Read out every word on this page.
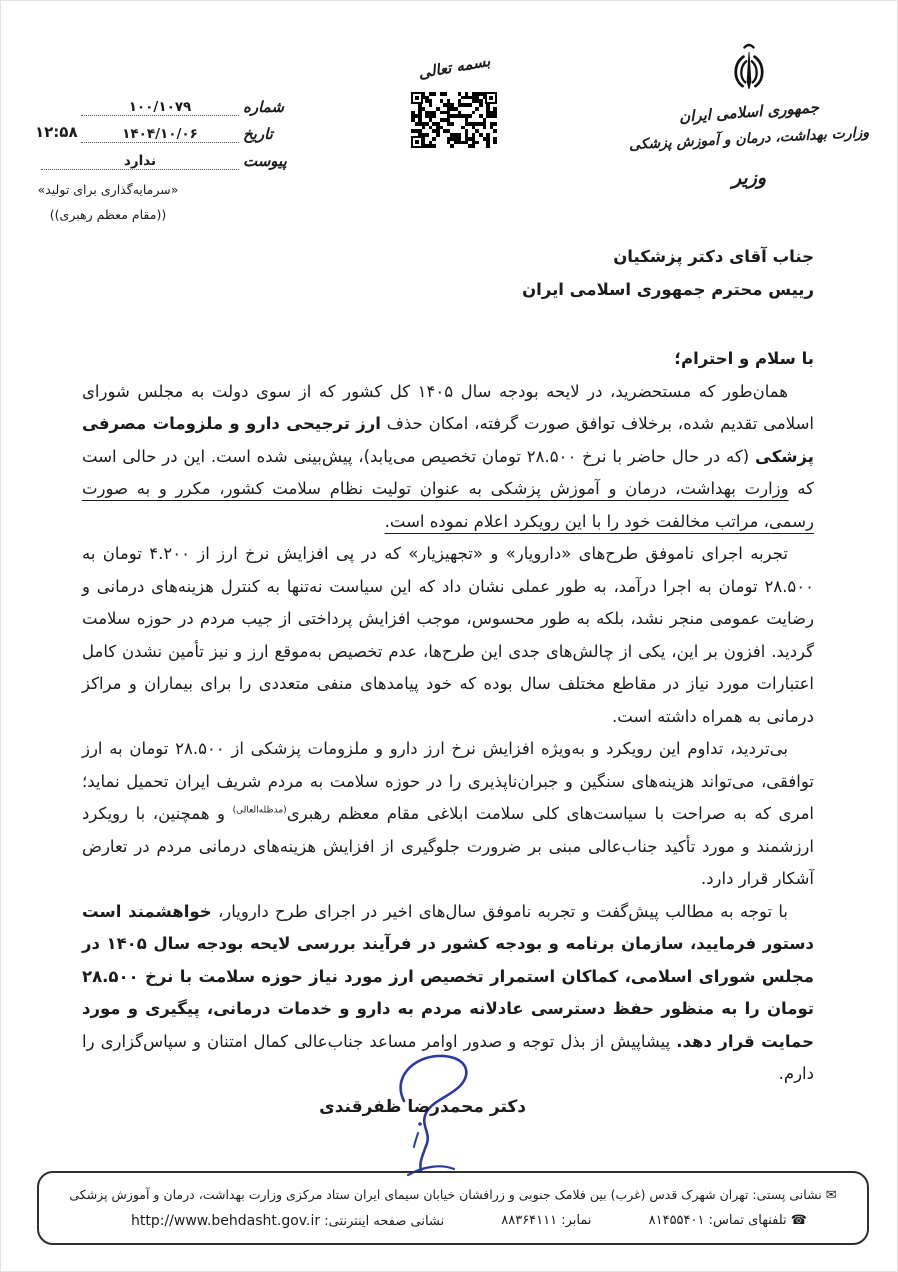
جمهوری اسلامی ایران
وزارت بهداشت، درمان و آموزش پزشکی
وزیر
بسمه تعالی
شماره
۱۰۰/۱۰۷۹
تاریخ
۱۴۰۴/۱۰/۰۶
پیوست
ندارد
۱۲:۵۸
«سرمایه‌گذاری برای تولید»
((مقام معظم رهبری))
جناب آقای دکتر پزشکیان
رییس محترم جمهوری اسلامی ایران
با سلام و احترام؛

همان‌طور که مستحضرید، در لایحه بودجه سال ۱۴۰۵ کل کشور که از سوی دولت به مجلس شورای اسلامی تقدیم شده، برخلاف توافق صورت گرفته، امکان حذف ارز ترجیحی دارو و ملزومات مصرفی پزشکی (که در حال حاضر با نرخ ۲۸.۵۰۰ تومان تخصیص می‌یابد)، پیش‌بینی شده است. این در حالی است که وزارت بهداشت، درمان و آموزش پزشکی به عنوان تولیت نظام سلامت کشور، مکرر و به صورت رسمی، مراتب مخالفت خود را با این رویکرد اعلام نموده است.

تجربه اجرای ناموفق طرح‌های «دارویار» و «تجهیزیار» که در پی افزایش نرخ ارز از ۴.۲۰۰ تومان به ۲۸.۵۰۰ تومان به اجرا درآمد، به طور عملی نشان داد که این سیاست نه‌تنها به کنترل هزینه‌های درمانی و رضایت عمومی منجر نشد، بلکه به طور محسوس، موجب افزایش پرداختی از جیب مردم در حوزه سلامت گردید. افزون بر این، یکی از چالش‌های جدی این طرح‌ها، عدم تخصیص به‌موقع ارز و نیز تأمین نشدن کامل اعتبارات مورد نیاز در مقاطع مختلف سال بوده که خود پیامدهای منفی متعددی را برای بیماران و مراکز درمانی به همراه داشته است.

بی‌تردید، تداوم این رویکرد و به‌ویژه افزایش نرخ ارز دارو و ملزومات پزشکی از ۲۸.۵۰۰ تومان به ارز توافقی، می‌تواند هزینه‌های سنگین و جبران‌ناپذیری را در حوزه سلامت به مردم شریف ایران تحمیل نماید؛ امری که به صراحت با سیاست‌های کلی سلامت ابلاغی مقام معظم رهبری$^{(مدظله‌العالی)}$ و همچنین، با رویکرد ارزشمند و مورد تأکید جناب‌عالی مبنی بر ضرورت جلوگیری از افزایش هزینه‌های درمانی مردم در تعارض آشکار قرار دارد.

با توجه به مطالب پیش‌گفت و تجربه ناموفق سال‌های اخیر در اجرای طرح دارویار، خواهشمند است دستور فرمایید، سازمان برنامه و بودجه کشور در فرآیند بررسی لایحه بودجه سال ۱۴۰۵ در مجلس شورای اسلامی، کماکان استمرار تخصیص ارز مورد نیاز حوزه سلامت با نرخ ۲۸.۵۰۰ تومان را به منظور حفظ دسترسی عادلانه مردم به دارو و خدمات درمانی، پیگیری و مورد حمایت قرار دهد. پیشاپیش از بذل توجه و صدور اوامر مساعد جناب‌عالی کمال امتنان و سپاس‌گزاری را دارم.

دکتر محمدرضا ظفرقندی
✉ نشانی پستی: تهران شهرک قدس (غرب) بین فلامک جنوبی و زرافشان خیابان سیمای ایران ستاد مرکزی وزارت بهداشت، درمان و آموزش پزشکی
☎ تلفنهای تماس: ۸۱۴۵۵۴۰۱
نمابر: ۸۸۳۶۴۱۱۱
نشانی صفحه اینترنتی: http://www.behdasht.gov.ir
